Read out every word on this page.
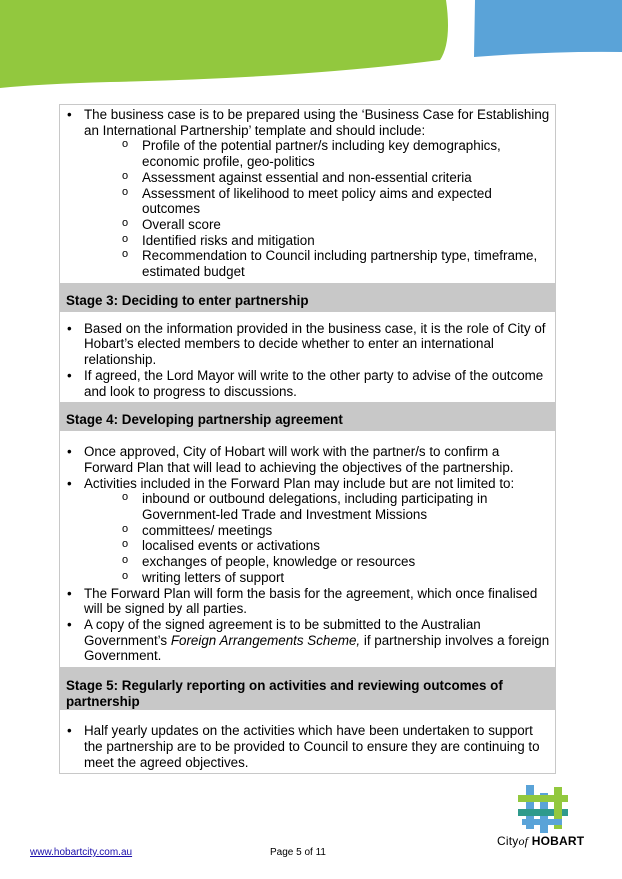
• The business case is to be prepared using the ‘Business Case for Establishing an International Partnership’ template and should include:
o Profile of the potential partner/s including key demographics, economic profile, geo-politics
o Assessment against essential and non-essential criteria
o Assessment of likelihood to meet policy aims and expected outcomes
o Overall score
o Identified risks and mitigation
o Recommendation to Council including partnership type, timeframe, estimated budget
Stage 3: Deciding to enter partnership
• Based on the information provided in the business case, it is the role of City of Hobart’s elected members to decide whether to enter an international relationship.
• If agreed, the Lord Mayor will write to the other party to advise of the outcome and look to progress to discussions.
Stage 4: Developing partnership agreement
• Once approved, City of Hobart will work with the partner/s to confirm a Forward Plan that will lead to achieving the objectives of the partnership.
• Activities included in the Forward Plan may include but are not limited to:
o inbound or outbound delegations, including participating in Government-led Trade and Investment Missions
o committees/ meetings
o localised events or activations
o exchanges of people, knowledge or resources
o writing letters of support
• The Forward Plan will form the basis for the agreement, which once finalised will be signed by all parties.
• A copy of the signed agreement is to be submitted to the Australian Government’s Foreign Arrangements Scheme, if partnership involves a foreign Government.
Stage 5: Regularly reporting on activities and reviewing outcomes of partnership
• Half yearly updates on the activities which have been undertaken to support the partnership are to be provided to Council to ensure they are continuing to meet the agreed objectives.
www.hobartcity.com.au	Page 5 of 11
Cityof HOBART
